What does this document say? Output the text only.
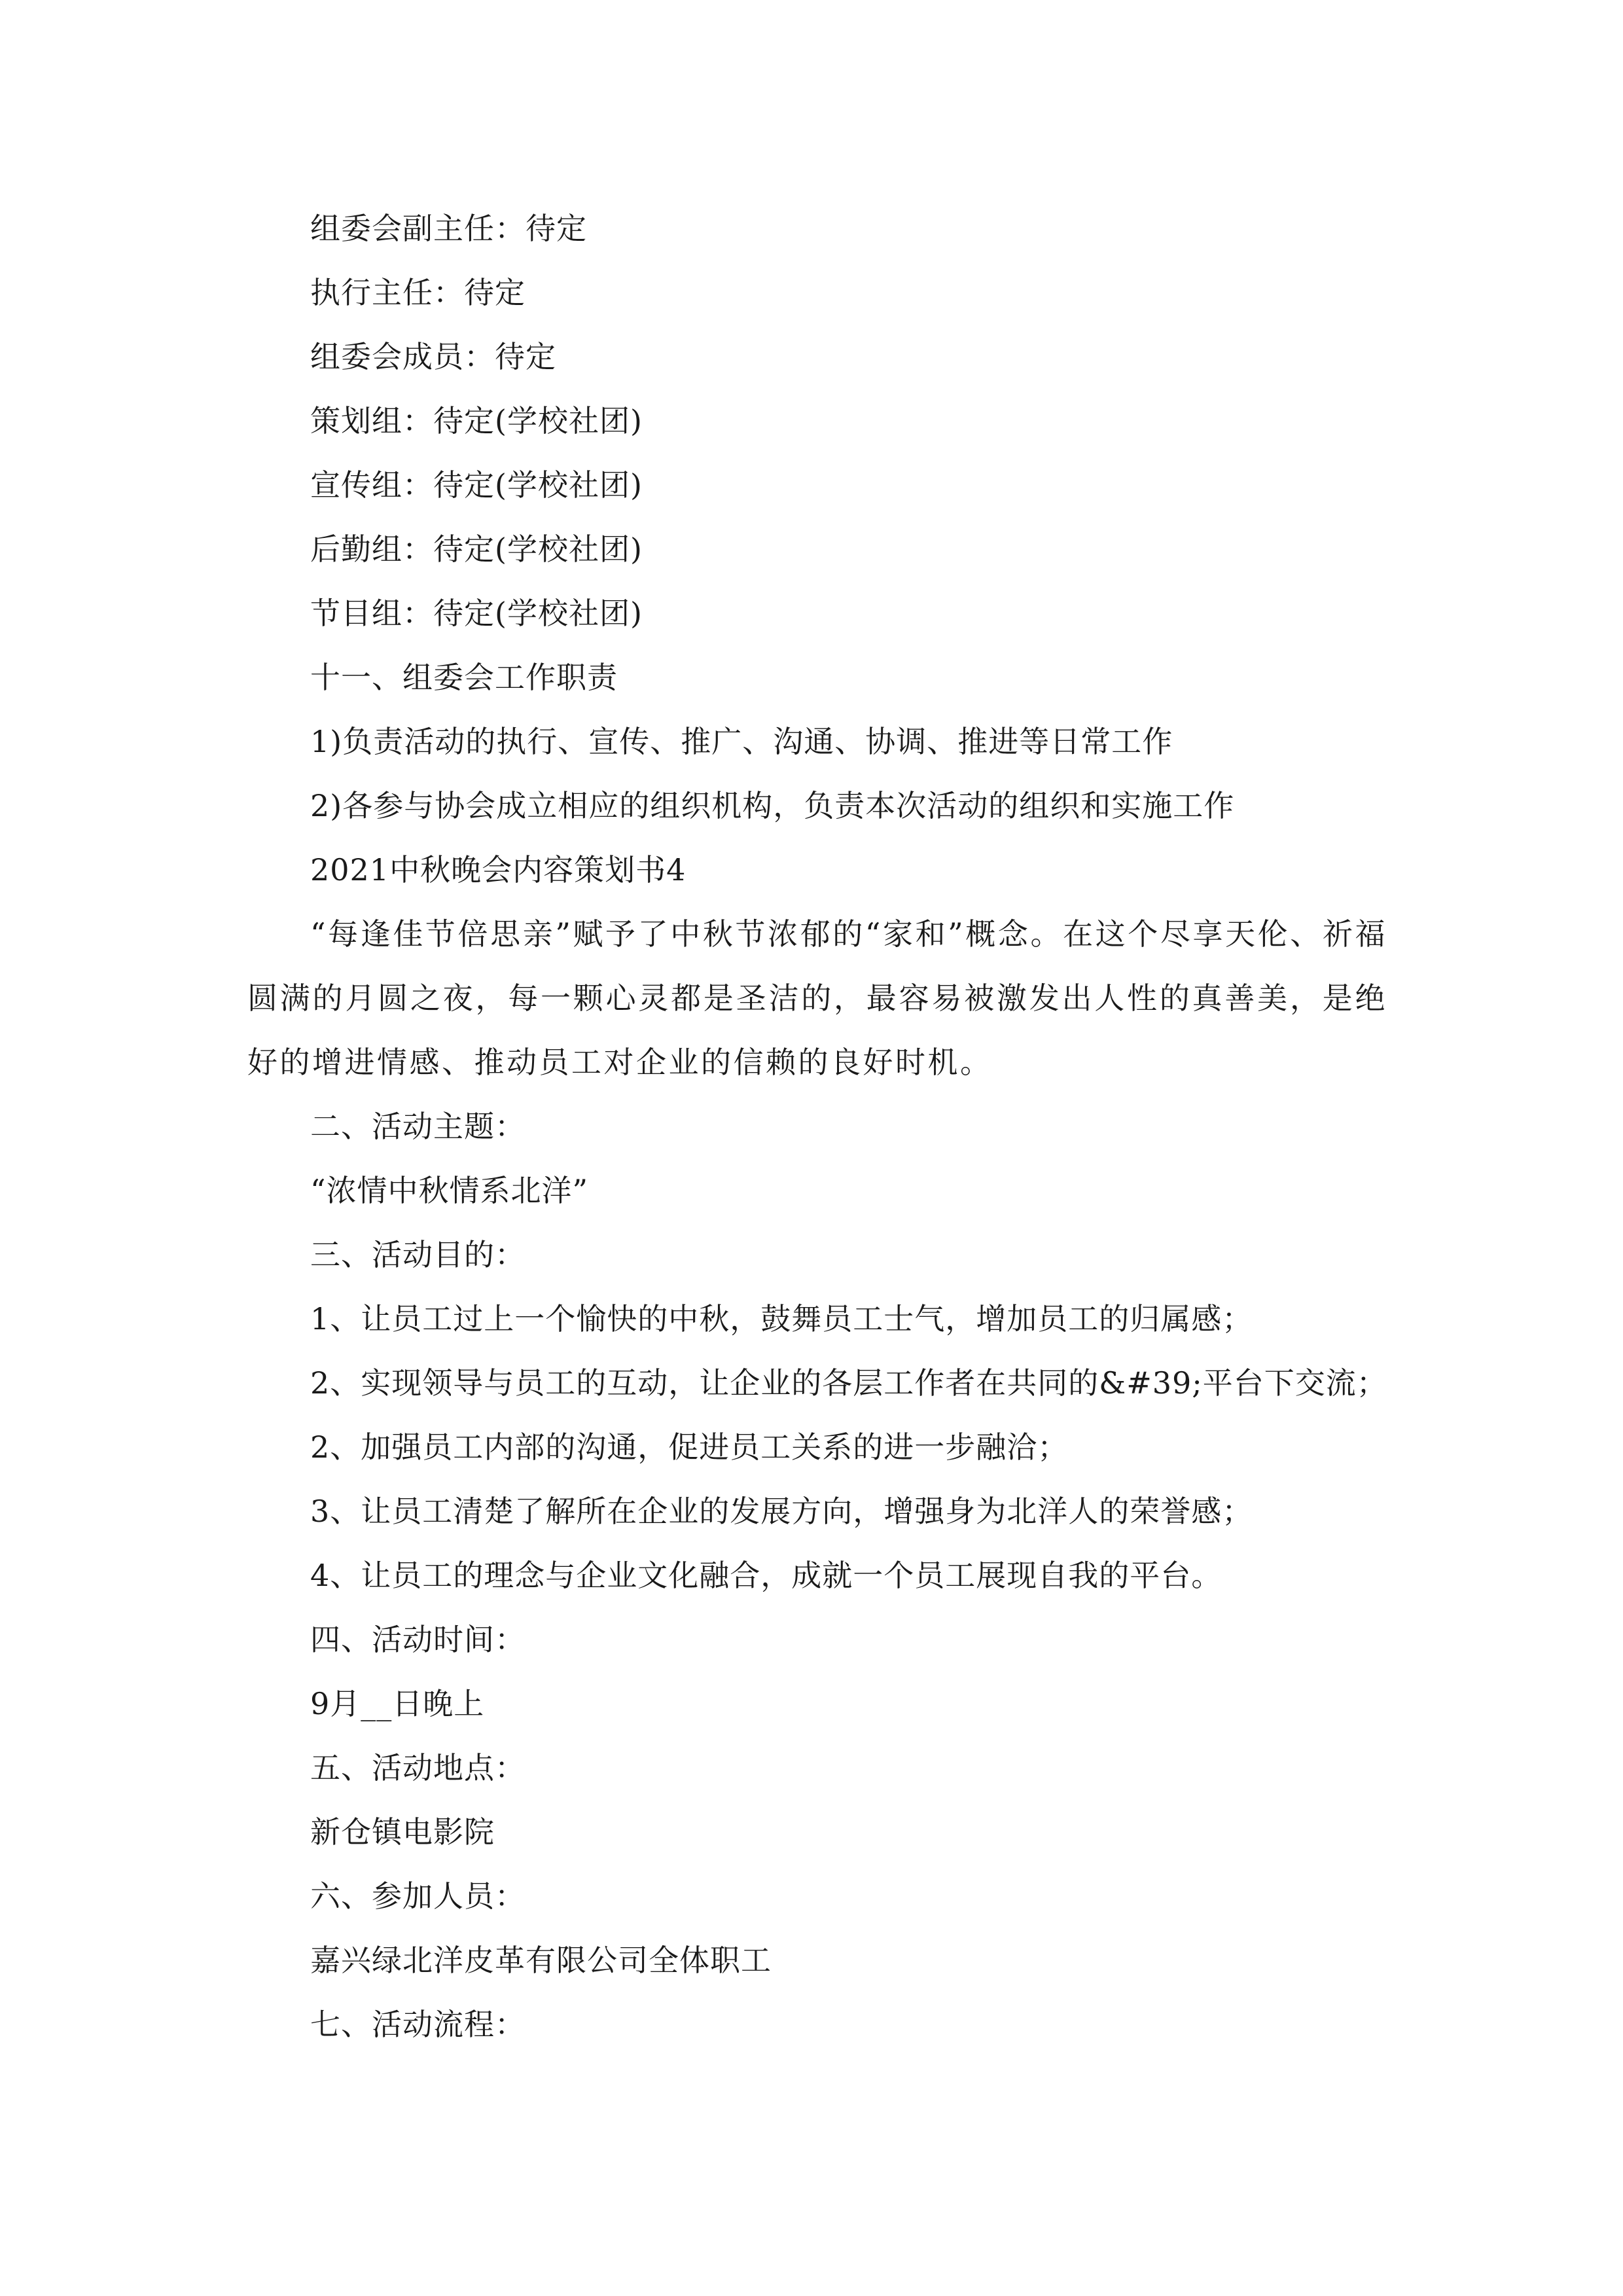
组委会副主任：待定
执行主任：待定
组委会成员：待定
策划组：待定(学校社团)
宣传组：待定(学校社团)
后勤组：待定(学校社团)
节目组：待定(学校社团)
十一、组委会工作职责
1)负责活动的执行、宣传、推广、沟通、协调、推进等日常工作
2)各参与协会成立相应的组织机构，负责本次活动的组织和实施工作
2021中秋晚会内容策划书4
“每逢佳节倍思亲”赋予了中秋节浓郁的“家和”概念。在这个尽享天伦、祈福圆满的月圆之夜，每一颗心灵都是圣洁的，最容易被激发出人性的真善美，是绝好的增进情感、推动员工对企业的信赖的良好时机。
二、活动主题：
“浓情中秋情系北洋”
三、活动目的：
1、让员工过上一个愉快的中秋，鼓舞员工士气，增加员工的归属感；
2、实现领导与员工的互动，让企业的各层工作者在共同的&#39;平台下交流；
2、加强员工内部的沟通，促进员工关系的进一步融洽；
3、让员工清楚了解所在企业的发展方向，增强身为北洋人的荣誉感；
4、让员工的理念与企业文化融合，成就一个员工展现自我的平台。
四、活动时间：
9月__日晚上
五、活动地点：
新仓镇电影院
六、参加人员：
嘉兴绿北洋皮革有限公司全体职工
七、活动流程：
